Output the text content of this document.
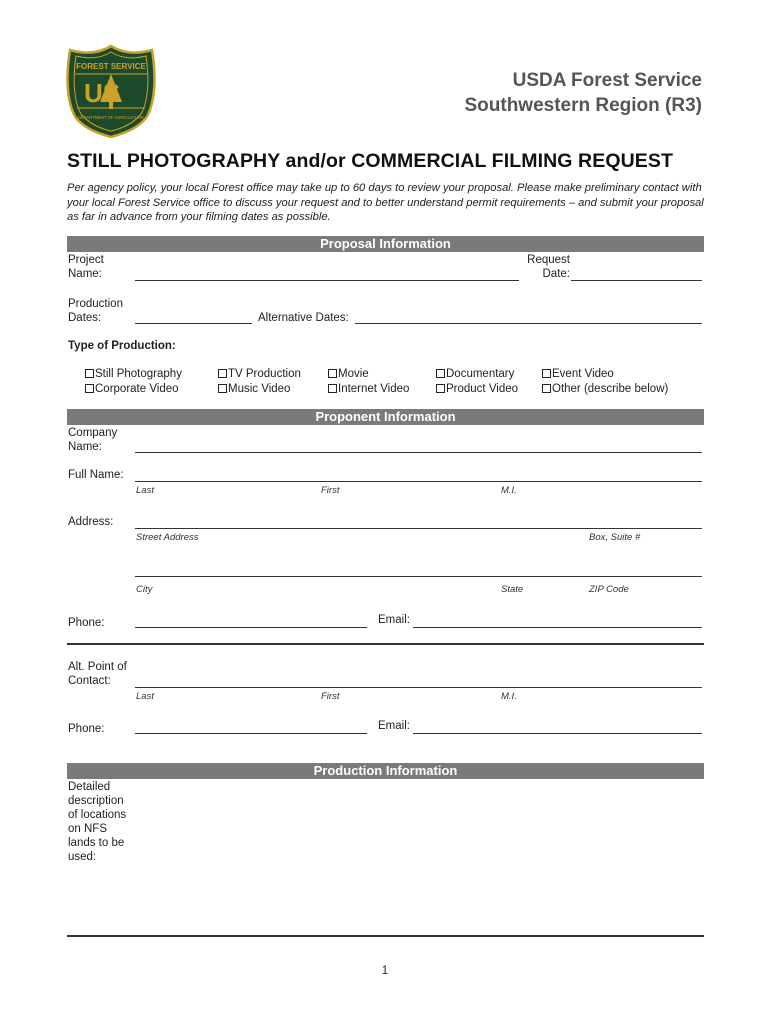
US
FOREST SERVICE
DEPARTMENT OF AGRICULTURE
USDA Forest Service
Southwestern Region (R3)
STILL PHOTOGRAPHY and/or COMMERCIAL FILMING REQUEST
Per agency policy, your local Forest office may take up to 60 days to review your proposal. Please make preliminary contact with your local Forest Service office to discuss your request and to better understand permit requirements – and submit your proposal as far in advance from your filming dates as possible.
Proposal Information
Project
Name:
Request
Date:
Production
Dates:	Alternative Dates:
Type of Production:
Still Photography	TV Production	Movie	Documentary	Event Video
Corporate Video	Music Video	Internet Video	Product Video	Other (describe below)
Proponent Information
Company
Name:
Full Name:
Last	First	M.I.
Address:
Street Address	Box, Suite #
City	State	ZIP Code
Phone:	Email:
Alt. Point of
Contact:
Last	First	M.I.
Phone:	Email:
Production Information
Detailed
description
of locations
on NFS
lands to be
used:
1
